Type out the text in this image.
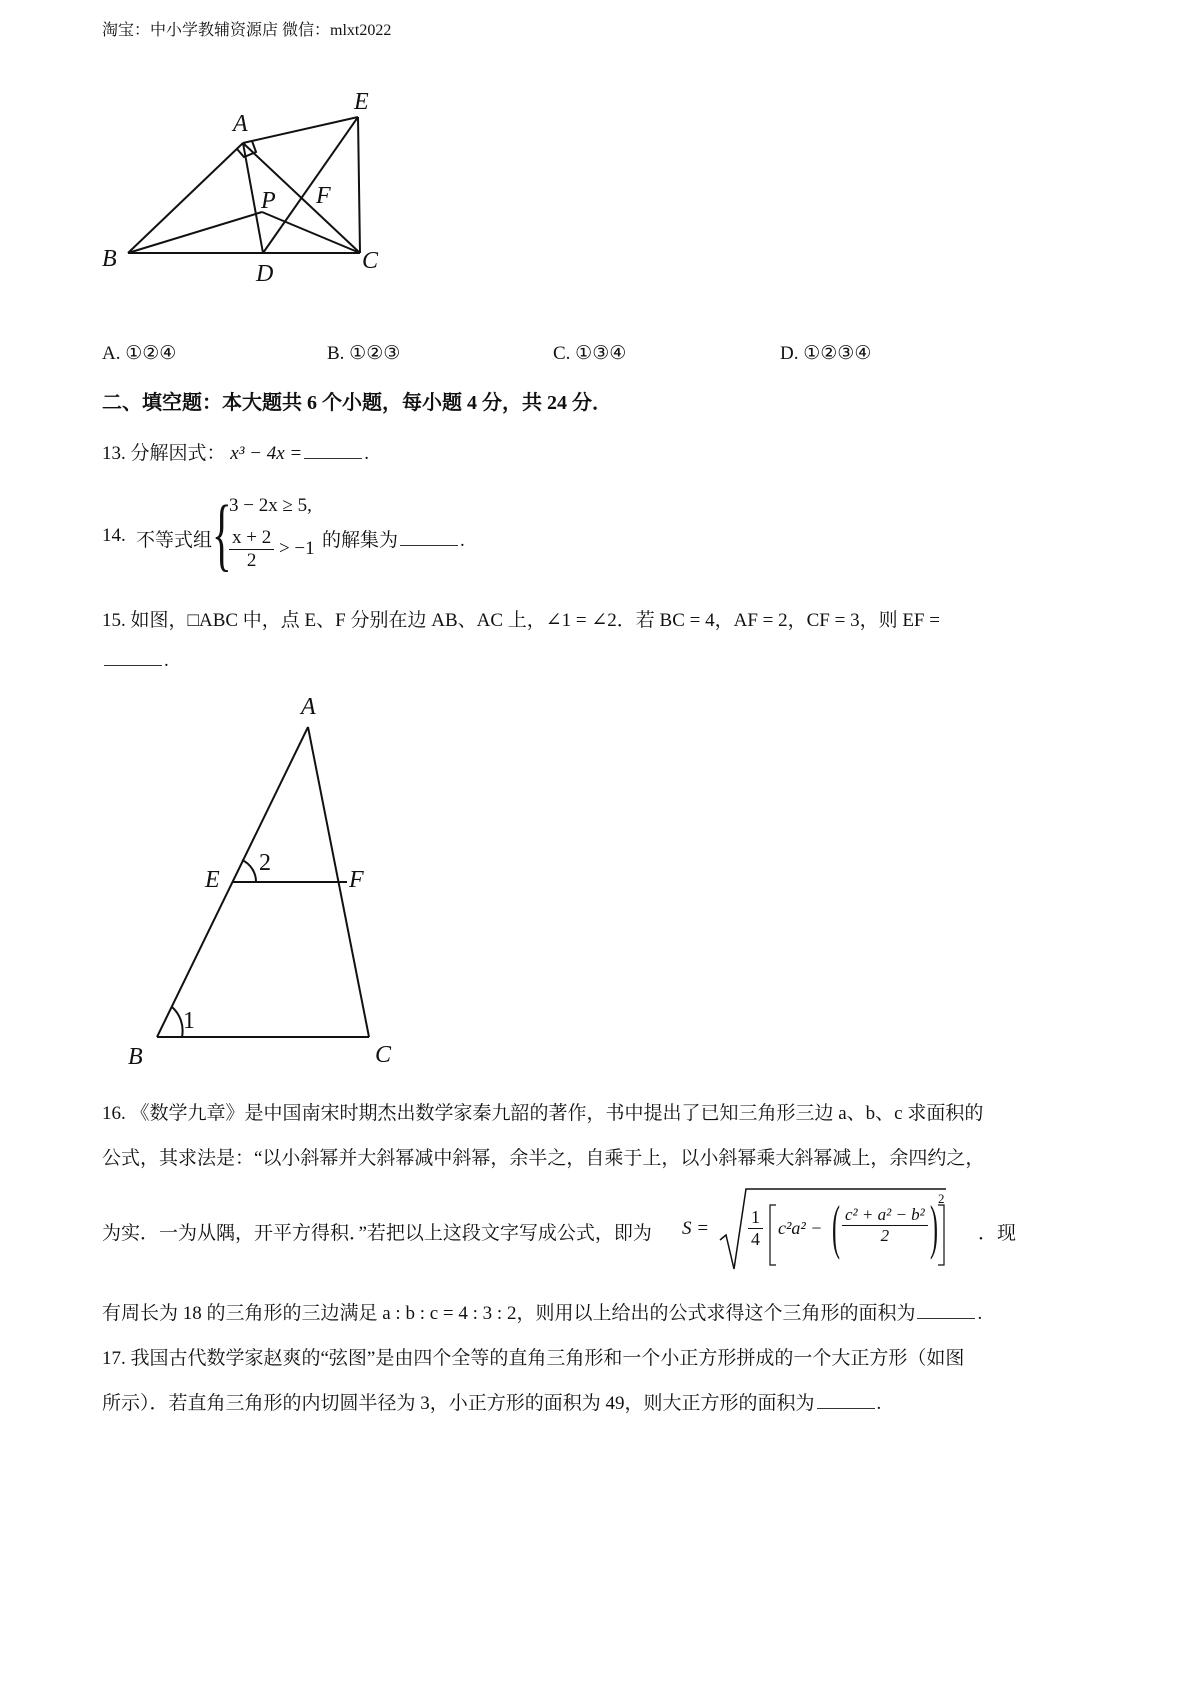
淘宝：中小学教辅资源店 微信：mlxt2022
A
E
P F
B
D	C
A. ①②④	B. ①②③	C. ①③④	D. ①②③④
二、填空题：本大题共 6 个小题，每小题 4 分，共 24 分．
13. 分解因式： x³ − 4x =	.
14. 不等式组 {
3 − 2x ≥ 5,
$\frac{x + 2}{2} > -1$ 的解集为	.
15. 如图，□ABC 中，点 E、F 分别在边 AB、AC 上，∠1 = ∠2．若 BC = 4，AF = 2，CF = 3，则 EF =
.
A
E	F
B	C
1
2
16. 《数学九章》是中国南宋时期杰出数学家秦九韶的著作，书中提出了已知三角形三边 a、b、c 求面积的
公式，其求法是：“以小斜幂并大斜幂减中斜幂，余半之，自乘于上，以小斜幂乘大斜幂减上，余四约之，
为实．一为从隅，开平方得积．”若把以上这段文字写成公式，即为 $S = \frac{1}{4} c^2a^2$ − ( $\frac{\text{c² + a² − b²}}{2}$ ) 2
．现
有周长为 18 的三角形的三边满足 a : b : c = 4 : 3 : 2，则用以上给出的公式求得这个三角形的面积为	.
17. 我国古代数学家赵爽的“弦图”是由四个全等的直角三角形和一个小正方形拼成的一个大正方形（如图
所示）．若直角三角形的内切圆半径为 3，小正方形的面积为 49，则大正方形的面积为	.
